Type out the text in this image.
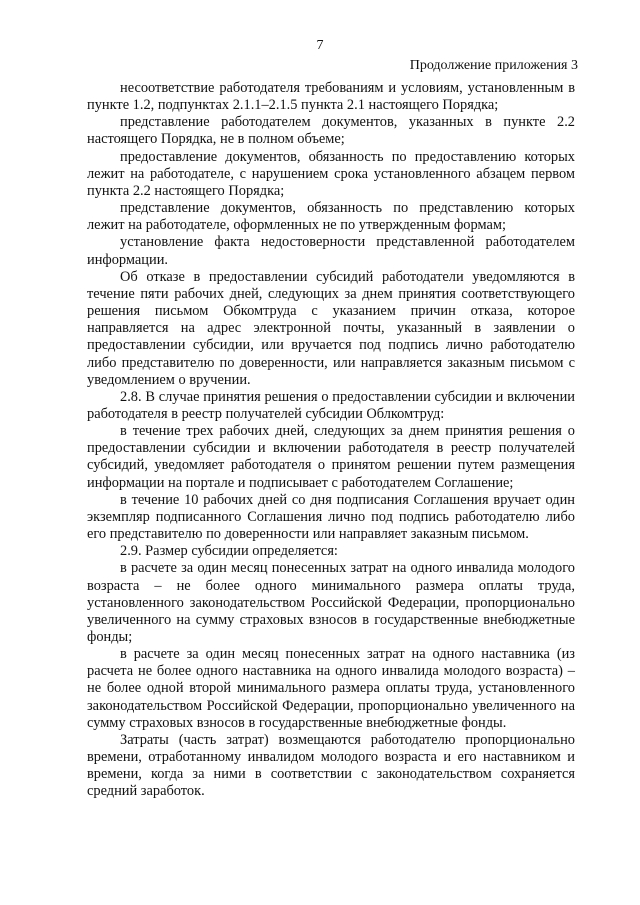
7
Продолжение приложения 3

несоответствие работодателя требованиям и условиям, установленным в пункте 1.2, подпунктах 2.1.1–2.1.5 пункта 2.1 настоящего Порядка;

представление работодателем документов, указанных в пункте 2.2 настоящего Порядка, не в полном объеме;

предоставление документов, обязанность по предоставлению которых лежит на работодателе, с нарушением срока установленного абзацем первом пункта 2.2 настоящего Порядка;

представление документов, обязанность по представлению которых лежит на работодателе, оформленных не по утвержденным формам;

установление факта недостоверности представленной работодателем информации.

Об отказе в предоставлении субсидий работодатели уведомляются в течение пяти рабочих дней, следующих за днем принятия соответствующего решения письмом Обкомтруда с указанием причин отказа, которое направляется на адрес электронной почты, указанный в заявлении о предоставлении субсидии, или вручается под подпись лично работодателю либо представителю по доверенности, или направляется заказным письмом с уведомлением о вручении.

2.8. В случае принятия решения о предоставлении субсидии и включении работодателя в реестр получателей субсидии Облкомтруд:

в течение трех рабочих дней, следующих за днем принятия решения о предоставлении субсидии и включении работодателя в реестр получателей субсидий, уведомляет работодателя о принятом решении путем размещения информации на портале и подписывает с работодателем Соглашение;

в течение 10 рабочих дней со дня подписания Соглашения вручает один экземпляр подписанного Соглашения лично под подпись работодателю либо его представителю по доверенности или направляет заказным письмом.

2.9. Размер субсидии определяется:

в расчете за один месяц понесенных затрат на одного инвалида молодого возраста – не более одного минимального размера оплаты труда, установленного законодательством Российской Федерации, пропорционально увеличенного на сумму страховых взносов в государственные внебюджетные фонды;

в расчете за один месяц понесенных затрат на одного наставника (из расчета не более одного наставника на одного инвалида молодого возраста) – не более одной второй минимального размера оплаты труда, установленного законодательством Российской Федерации, пропорционально увеличенного на сумму страховых взносов в государственные внебюджетные фонды.

Затраты (часть затрат) возмещаются работодателю пропорционально времени, отработанному инвалидом молодого возраста и его наставником и времени, когда за ними в соответствии с законодательством сохраняется средний заработок.
